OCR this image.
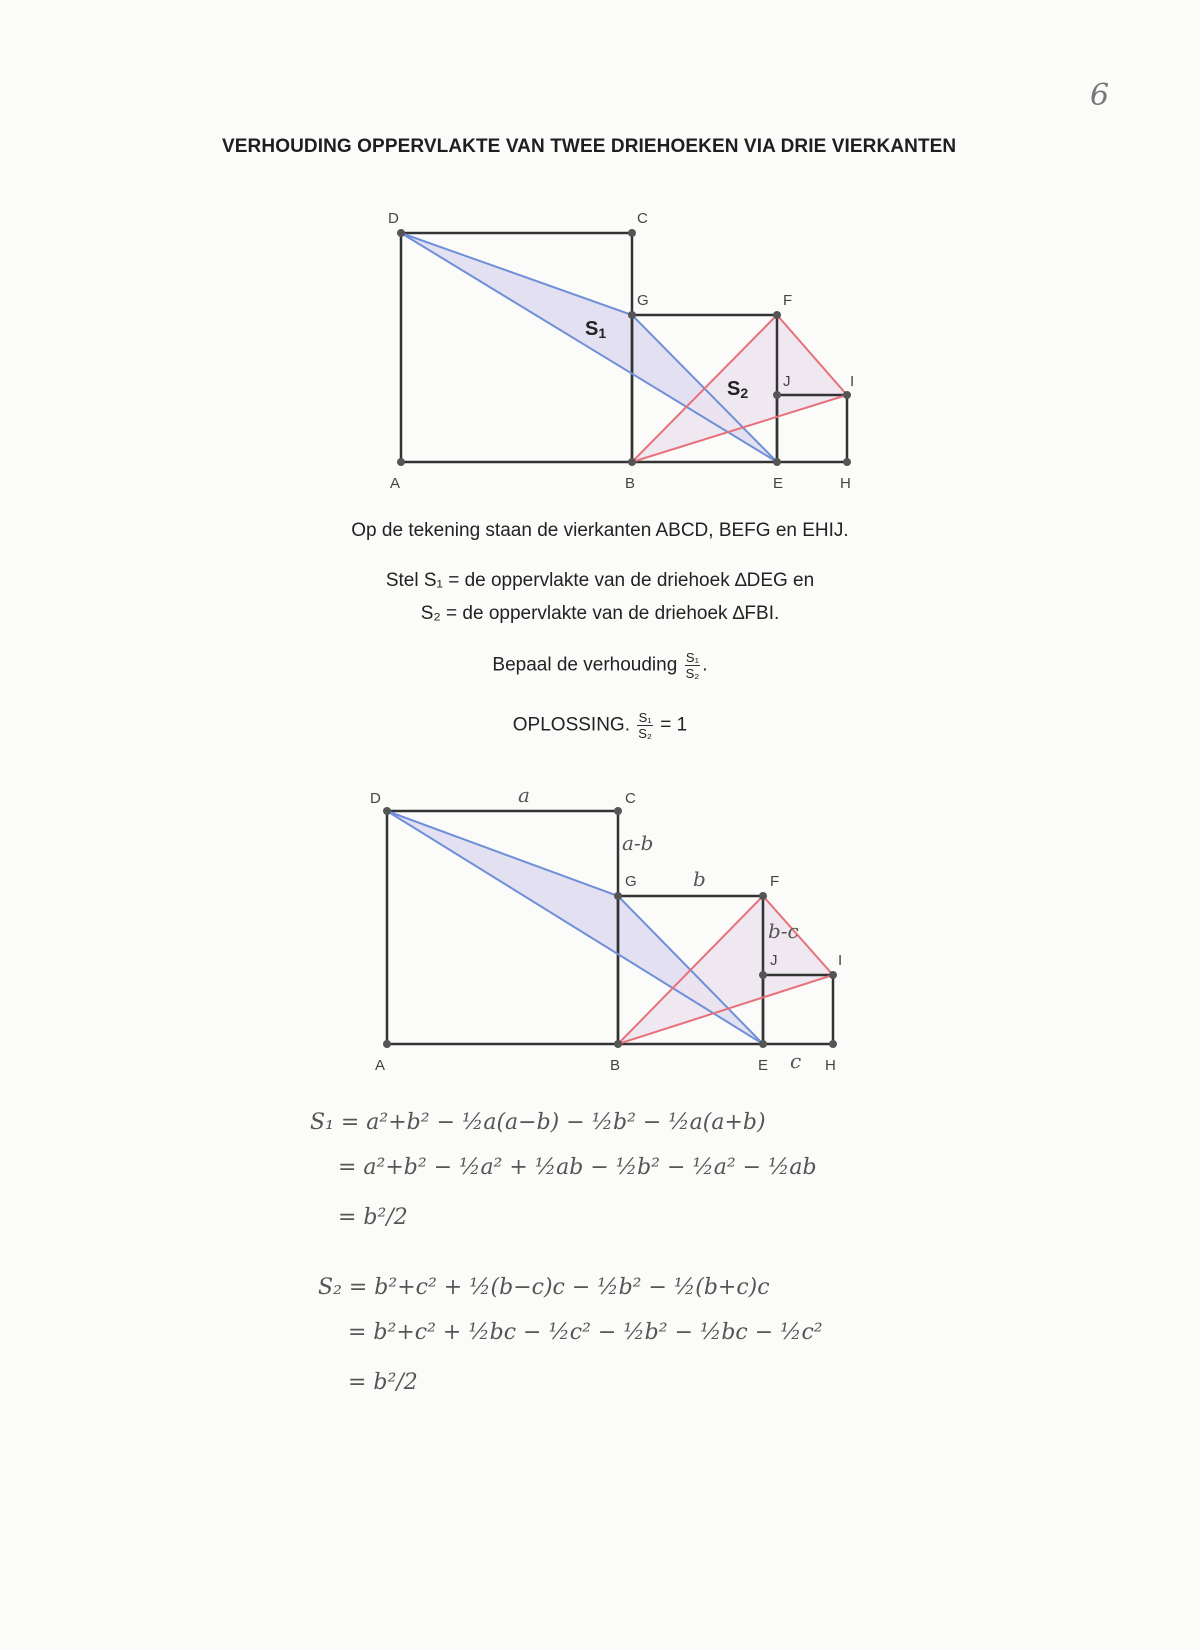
6
VERHOUDING OPPERVLAKTE VAN TWEE DRIEHOEKEN VIA DRIE VIERKANTEN
D	C
G	F
J	I
A	B	E	H
S1
S2
Op de tekening staan de vierkanten ABCD, BEFG en EHIJ.
Stel S₁ = de oppervlakte van de driehoek ∆DEG en
S₂ = de oppervlakte van de driehoek ∆FBI.
Bepaal de verhouding $\frac{\text{S₁}}{\text{S₂}}$ .
OPLOSSING. $\frac{\text{S₁}}{\text{S₂}} = 1$
D	C
G	F
J	I
A	B	E	H
a
a-b
b
b-c
c
S₁ = a²+b² − ½a(a−b) − ½b² − ½a(a+b)
= a²+b² − ½a² + ½ab − ½b² − ½a² − ½ab
= b²/2
S₂ = b²+c² + ½(b−c)c − ½b² − ½(b+c)c
= b²+c² + ½bc − ½c² − ½b² − ½bc − ½c²
= b²/2
